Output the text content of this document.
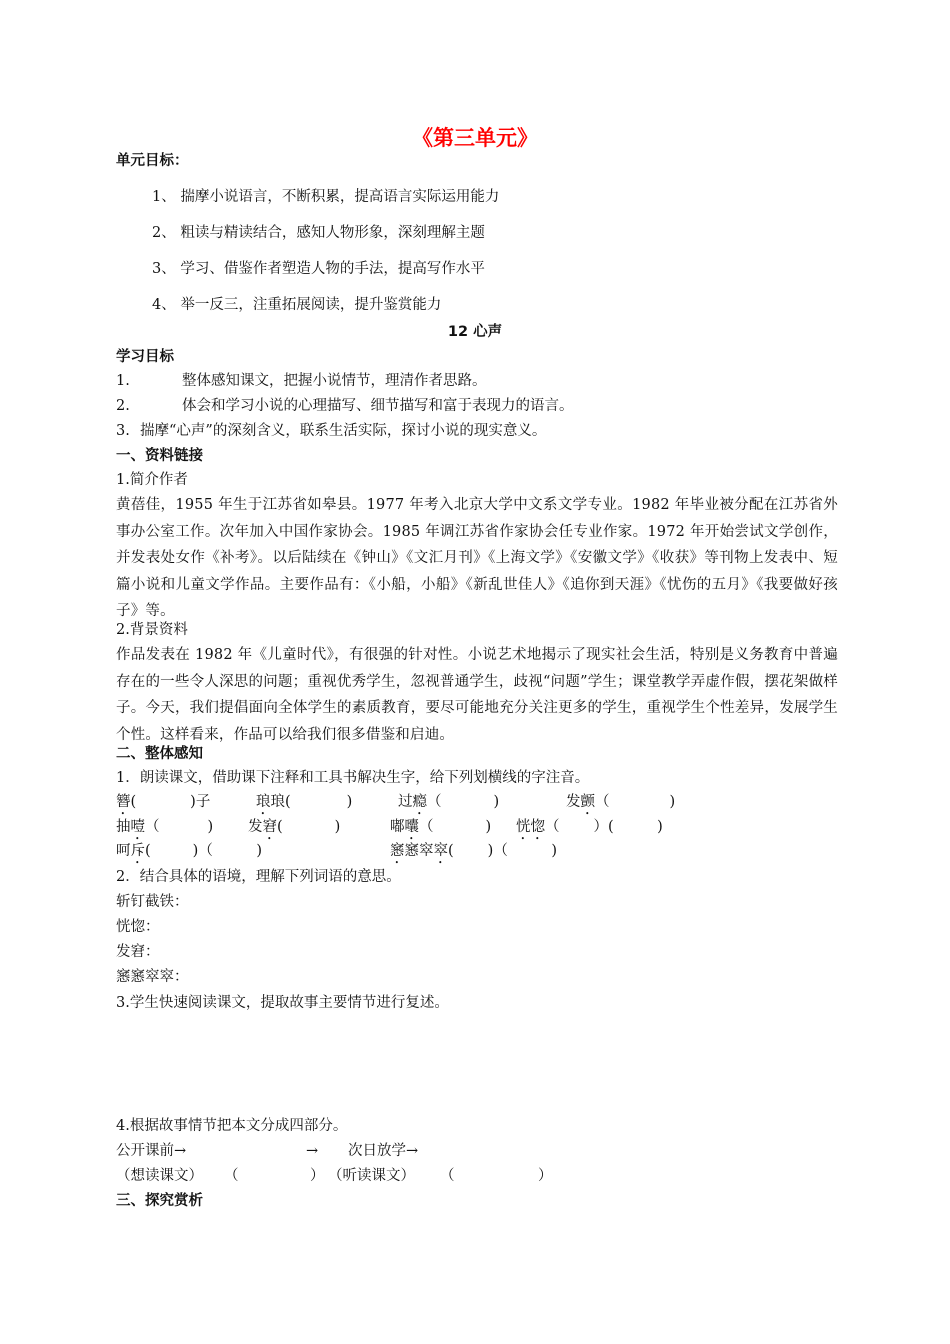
《第三单元》
单元目标：
1、 揣摩小说语言，不断积累，提高语言实际运用能力
2、 粗读与精读结合，感知人物形象，深刻理解主题
3、 学习、借鉴作者塑造人物的手法，提高写作水平
4、 举一反三，注重拓展阅读，提升鉴赏能力
12 心声
学习目标
1.	整体感知课文，把握小说情节，理清作者思路。
2.	体会和学习小说的心理描写、细节描写和富于表现力的语言。
3. 揣摩“心声”的深刻含义，联系生活实际，探讨小说的现实意义。
一、资料链接
1.简介作者
黄蓓佳，1955 年生于江苏省如皋县。1977 年考入北京大学中文系文学专业。1982 年毕业被分配在江苏省外事办公室工作。次年加入中国作家协会。1985 年调江苏省作家协会任专业作家。1972 年开始尝试文学创作，并发表处女作《补考》。以后陆续在《钟山》《文汇月刊》《上海文学》《安徽文学》《收获》等刊物上发表中、短篇小说和儿童文学作品。主要作品有：《小船，小船》《新乱世佳人》《追你到天涯》《忧伤的五月》《我要做好孩子》等。
2.背景资料
作品发表在 1982 年《儿童时代》，有很强的针对性。小说艺术地揭示了现实社会生活，特别是义务教育中普遍存在的一些令人深思的问题；重视优秀学生，忽视普通学生，歧视“问题”学生；课堂教学弄虚作假，摆花架做样子。今天，我们提倡面向全体学生的素质教育，要尽可能地充分关注更多的学生，重视学生个性差异，发展学生个性。这样看来，作品可以给我们很多借鉴和启迪。
二、整体感知
1．朗读课文，借助课下注释和工具书解决生字，给下列划横线的字注音。
簪(	)子	琅琅(	)	过瘾（	)	发颤（	)
抽噎（	) 发窘(	)	嘟囔（	) 恍惚（ ）(　　　)
呵斥(	)（　　　)	窸窸窣窣( )（　　　)
2．结合具体的语境，理解下列词语的意思。
斩钉截铁：
恍惚：
发窘：
窸窸窣窣：
3.学生快速阅读课文，提取故事主要情节进行复述。
4.根据故事情节把本文分成四部分。
公开课前→	→ 次日放学→
（想读课文） （	） （听读课文） （	）
三、探究赏析
